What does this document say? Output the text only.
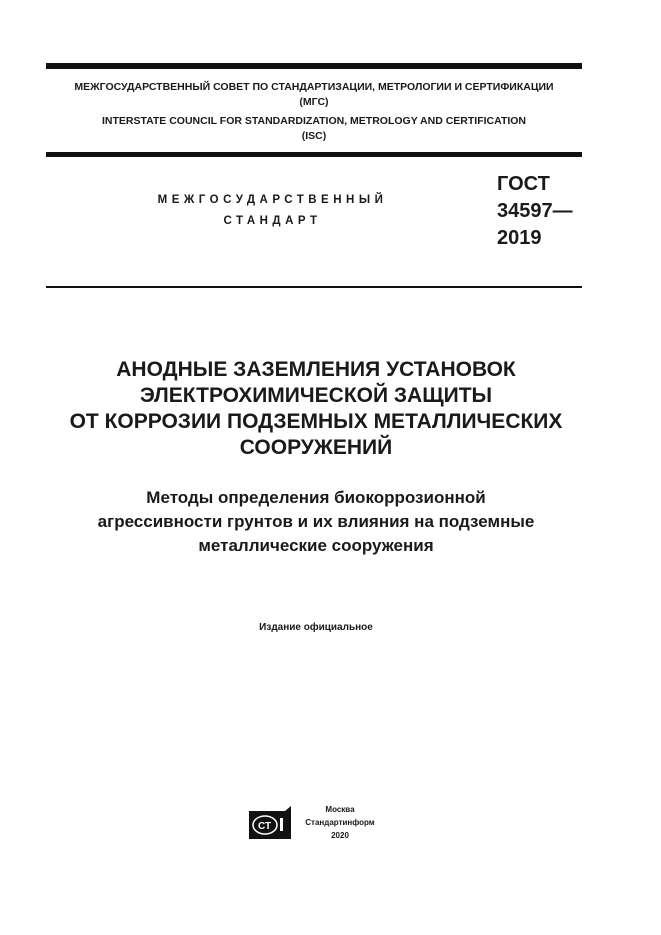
МЕЖГОСУДАРСТВЕННЫЙ СОВЕТ ПО СТАНДАРТИЗАЦИИ, МЕТРОЛОГИИ И СЕРТИФИКАЦИИ
(МГС)
INTERSTATE COUNCIL FOR STANDARDIZATION, METROLOGY AND CERTIFICATION
(ISC)
МЕЖГОСУДАРСТВЕННЫЙ
СТАНДАРТ
ГОСТ
34597—
2019
АНОДНЫЕ ЗАЗЕМЛЕНИЯ УСТАНОВОК
ЭЛЕКТРОХИМИЧЕСКОЙ ЗАЩИТЫ
ОТ КОРРОЗИИ ПОДЗЕМНЫХ МЕТАЛЛИЧЕСКИХ
СООРУЖЕНИЙ
Методы определения биокоррозионной
агрессивности грунтов и их влияния на подземные
металлические сооружения
Издание официальное
СТ
Москва
Стандартинформ
2020
